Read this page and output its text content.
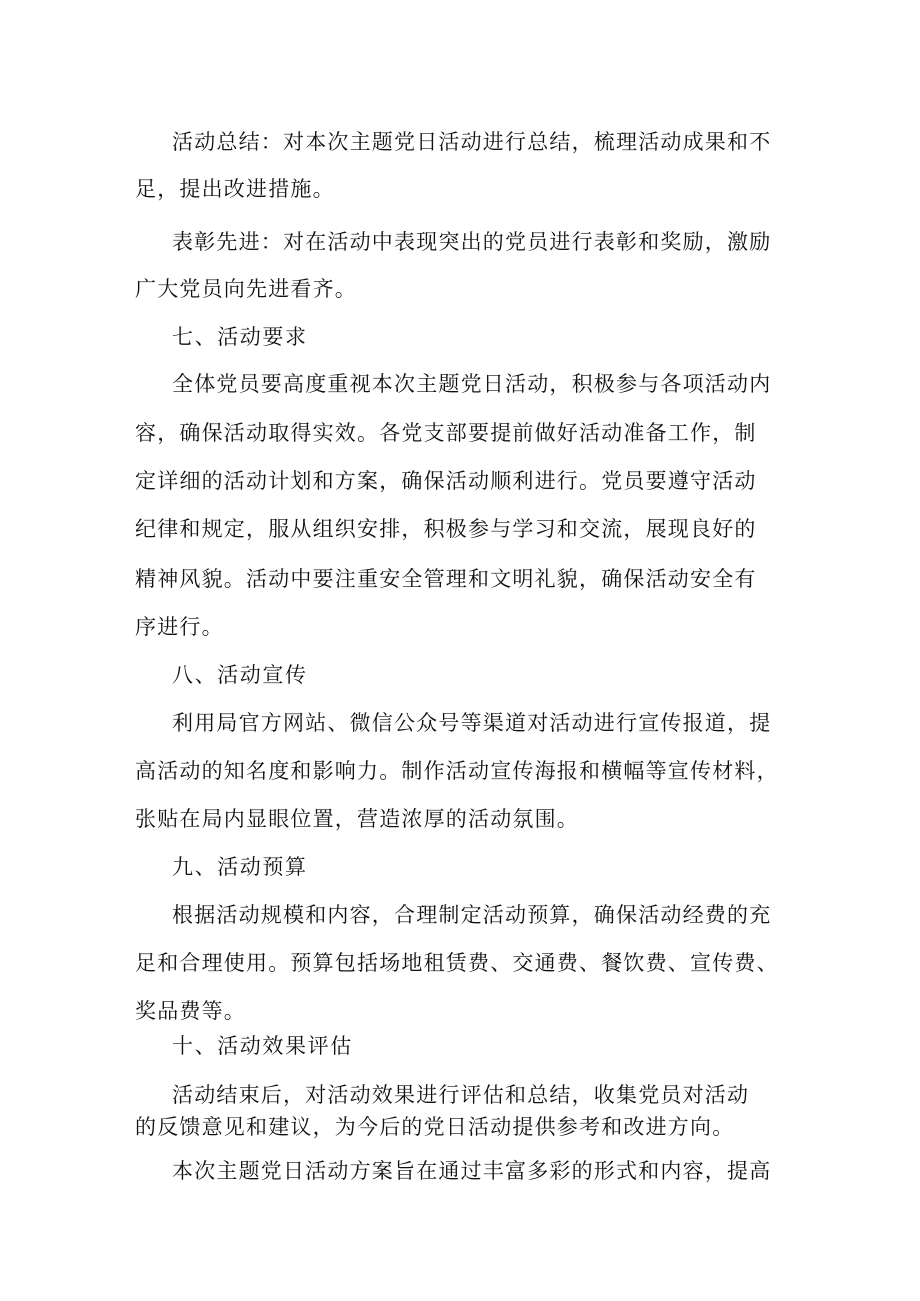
活动总结：对本次主题党日活动进行总结，梳理活动成果和不
足，提出改进措施。
表彰先进：对在活动中表现突出的党员进行表彰和奖励，激励
广大党员向先进看齐。
七、活动要求
全体党员要高度重视本次主题党日活动，积极参与各项活动内
容，确保活动取得实效。各党支部要提前做好活动准备工作，制
定详细的活动计划和方案，确保活动顺利进行。党员要遵守活动
纪律和规定，服从组织安排，积极参与学习和交流，展现良好的
精神风貌。活动中要注重安全管理和文明礼貌，确保活动安全有
序进行。
八、活动宣传
利用局官方网站、微信公众号等渠道对活动进行宣传报道，提
高活动的知名度和影响力。制作活动宣传海报和横幅等宣传材料，
张贴在局内显眼位置，营造浓厚的活动氛围。
九、活动预算
根据活动规模和内容，合理制定活动预算，确保活动经费的充
足和合理使用。预算包括场地租赁费、交通费、餐饮费、宣传费、
奖品费等。
十、活动效果评估
活动结束后，对活动效果进行评估和总结，收集党员对活动
的反馈意见和建议，为今后的党日活动提供参考和改进方向。
本次主题党日活动方案旨在通过丰富多彩的形式和内容，提高
